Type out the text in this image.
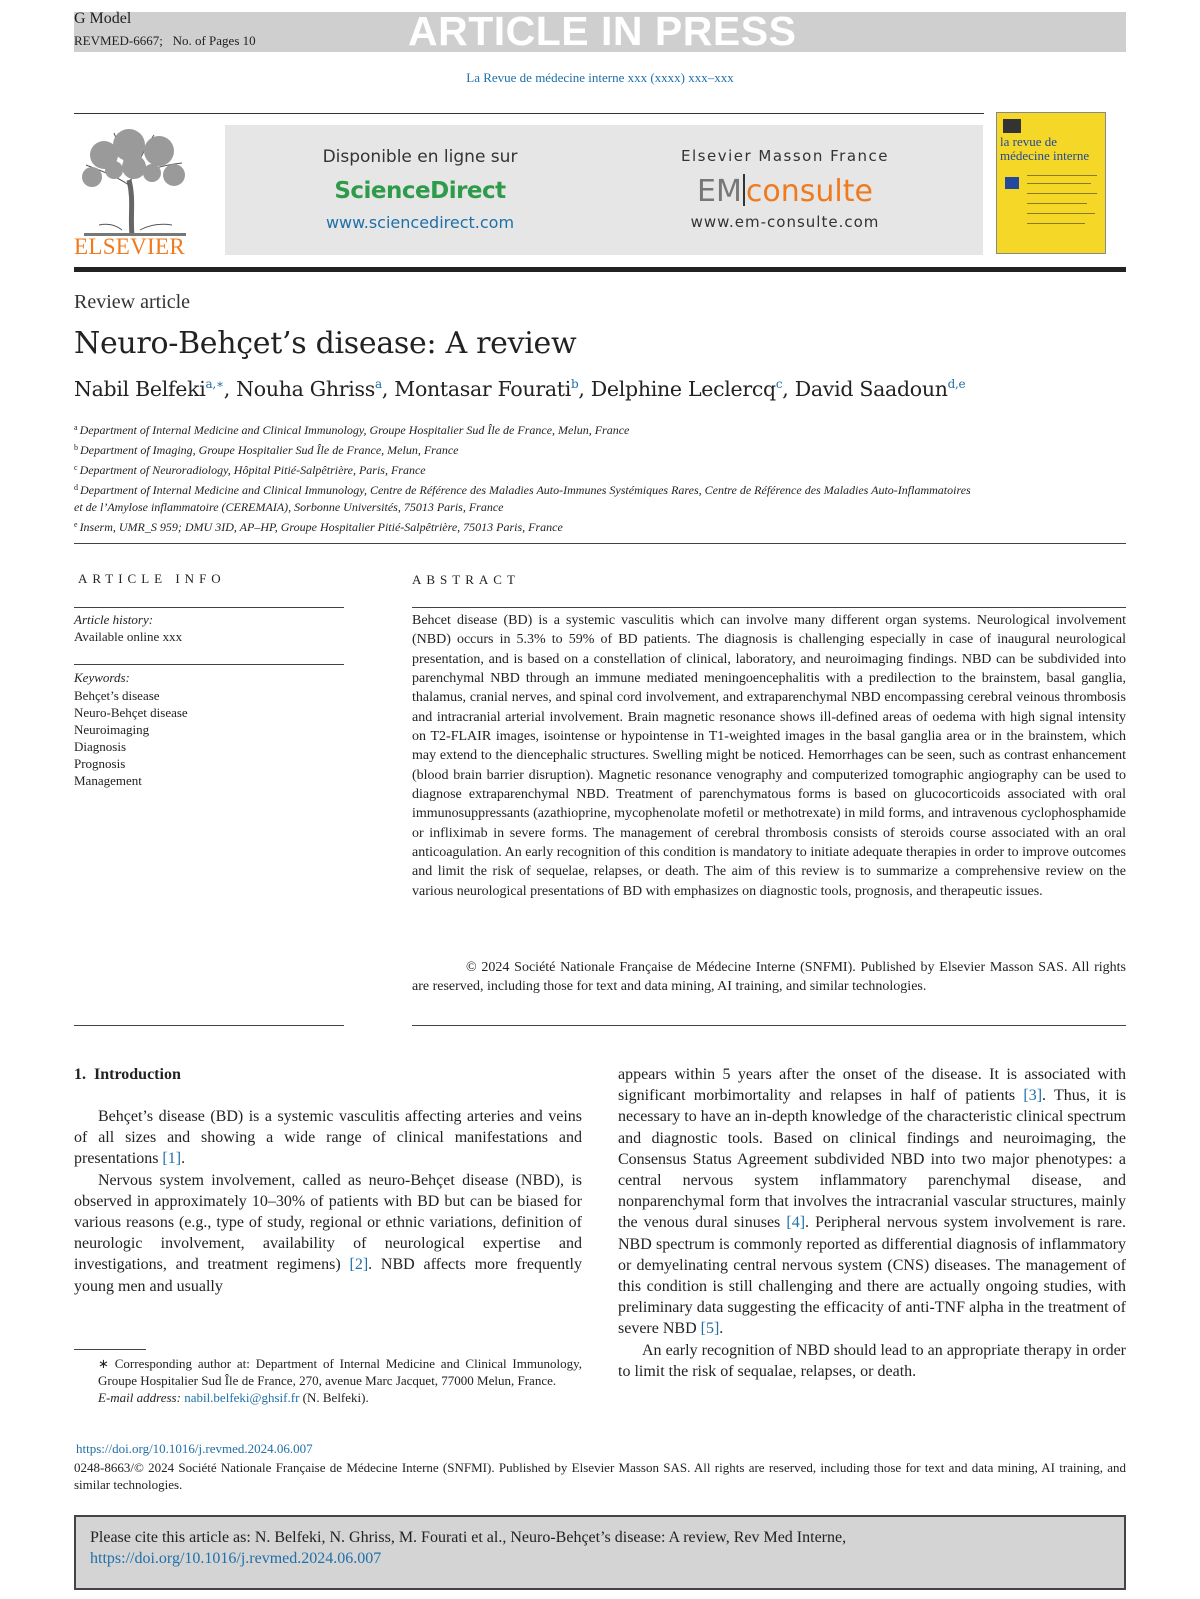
G Model
REVMED-6667;   No. of Pages 10	ARTICLE IN PRESS
La Revue de médecine interne xxx (xxxx) xxx–xxx
ELSEVIER
Disponible en ligne sur
ScienceDirect
www.sciencedirect.com
Elsevier Masson France
EM consulte
www.em-consulte.com
la revue de médecine interne
Review article
Neuro-Behçet’s disease: A review
Nabil Belfeki$^{a,∗}$, Nouha Ghriss$^a$, Montasar Fourati$^b$, Delphine Leclercq$^c$, David Saadoun$^{d,e}$
$^a$ Department of Internal Medicine and Clinical Immunology, Groupe Hospitalier Sud Île de France, Melun, France
$^b$ Department of Imaging, Groupe Hospitalier Sud Île de France, Melun, France
$^c$ Department of Neuroradiology, Hôpital Pitié-Salpêtrière, Paris, France
$^d$ Department of Internal Medicine and Clinical Immunology, Centre de Référence des Maladies Auto-Immunes Systémiques Rares, Centre de Référence des Maladies Auto-Inflammatoires et de l’Amylose inflammatoire (CEREMAIA), Sorbonne Universités, 75013 Paris, France
$^e$ Inserm, UMR_S 959; DMU 3ID, AP–HP, Groupe Hospitalier Pitié-Salpêtrière, 75013 Paris, France
ARTICLE INFO
Article history:
Available online xxx
Keywords:
Behçet’s disease
Neuro-Behçet disease
Neuroimaging
Diagnosis
Prognosis
Management
ABSTRACT
Behcet disease (BD) is a systemic vasculitis which can involve many different organ systems. Neurological involvement (NBD) occurs in 5.3% to 59% of BD patients. The diagnosis is challenging especially in case of inaugural neurological presentation, and is based on a constellation of clinical, laboratory, and neuroimaging findings. NBD can be subdivided into parenchymal NBD through an immune mediated meningoencephalitis with a predilection to the brainstem, basal ganglia, thalamus, cranial nerves, and spinal cord involvement, and extraparenchymal NBD encompassing cerebral veinous thrombosis and intracranial arterial involvement. Brain magnetic resonance shows ill-defined areas of oedema with high signal intensity on T2-FLAIR images, isointense or hypointense in T1-weighted images in the basal ganglia area or in the brainstem, which may extend to the diencephalic structures. Swelling might be noticed. Hemorrhages can be seen, such as contrast enhancement (blood brain barrier disruption). Magnetic resonance venography and computerized tomographic angiography can be used to diagnose extraparenchymal NBD. Treatment of parenchymatous forms is based on glucocorticoids associated with oral immunosuppressants (azathioprine, mycophenolate mofetil or methotrexate) in mild forms, and intravenous cyclophosphamide or infliximab in severe forms. The management of cerebral thrombosis consists of steroids course associated with an oral anticoagulation. An early recognition of this condition is mandatory to initiate adequate therapies in order to improve outcomes and limit the risk of sequelae, relapses, or death. The aim of this review is to summarize a comprehensive review on the various neurological presentations of BD with emphasizes on diagnostic tools, prognosis, and therapeutic issues.
© 2024 Société Nationale Française de Médecine Interne (SNFMI). Published by Elsevier Masson SAS. All rights are reserved, including those for text and data mining, AI training, and similar technologies.
1.  Introduction

Behçet’s disease (BD) is a systemic vasculitis affecting arteries and veins of all sizes and showing a wide range of clinical manifestations and presentations [1].

Nervous system involvement, called as neuro-Behçet disease (NBD), is observed in approximately 10–30% of patients with BD but can be biased for various reasons (e.g., type of study, regional or ethnic variations, definition of neurologic involvement, availability of neurological expertise and investigations, and treatment regimens) [2]. NBD affects more frequently young men and usually

appears within 5 years after the onset of the disease. It is associated with significant morbimortality and relapses in half of patients [3]. Thus, it is necessary to have an in-depth knowledge of the characteristic clinical spectrum and diagnostic tools. Based on clinical findings and neuroimaging, the Consensus Status Agreement subdivided NBD into two major phenotypes: a central nervous system inflammatory parenchymal disease, and nonparenchymal form that involves the intracranial vascular structures, mainly the venous dural sinuses [4]. Peripheral nervous system involvement is rare. NBD spectrum is commonly reported as differential diagnosis of inflammatory or demyelinating central nervous system (CNS) diseases. The management of this condition is still challenging and there are actually ongoing studies, with preliminary data suggesting the efficacity of anti-TNF alpha in the treatment of severe NBD [5].

An early recognition of NBD should lead to an appropriate therapy in order to limit the risk of sequalae, relapses, or death.

∗ Corresponding author at: Department of Internal Medicine and Clinical Immunology, Groupe Hospitalier Sud Île de France, 270, avenue Marc Jacquet, 77000 Melun, France.
E-mail address: nabil.belfeki@ghsif.fr (N. Belfeki).
https://doi.org/10.1016/j.revmed.2024.06.007
0248-8663/© 2024 Société Nationale Française de Médecine Interne (SNFMI). Published by Elsevier Masson SAS. All rights are reserved, including those for text and data mining, AI training, and similar technologies.
Please cite this article as: N. Belfeki, N. Ghriss, M. Fourati et al., Neuro-Behçet’s disease: A review, Rev Med Interne,
https://doi.org/10.1016/j.revmed.2024.06.007
